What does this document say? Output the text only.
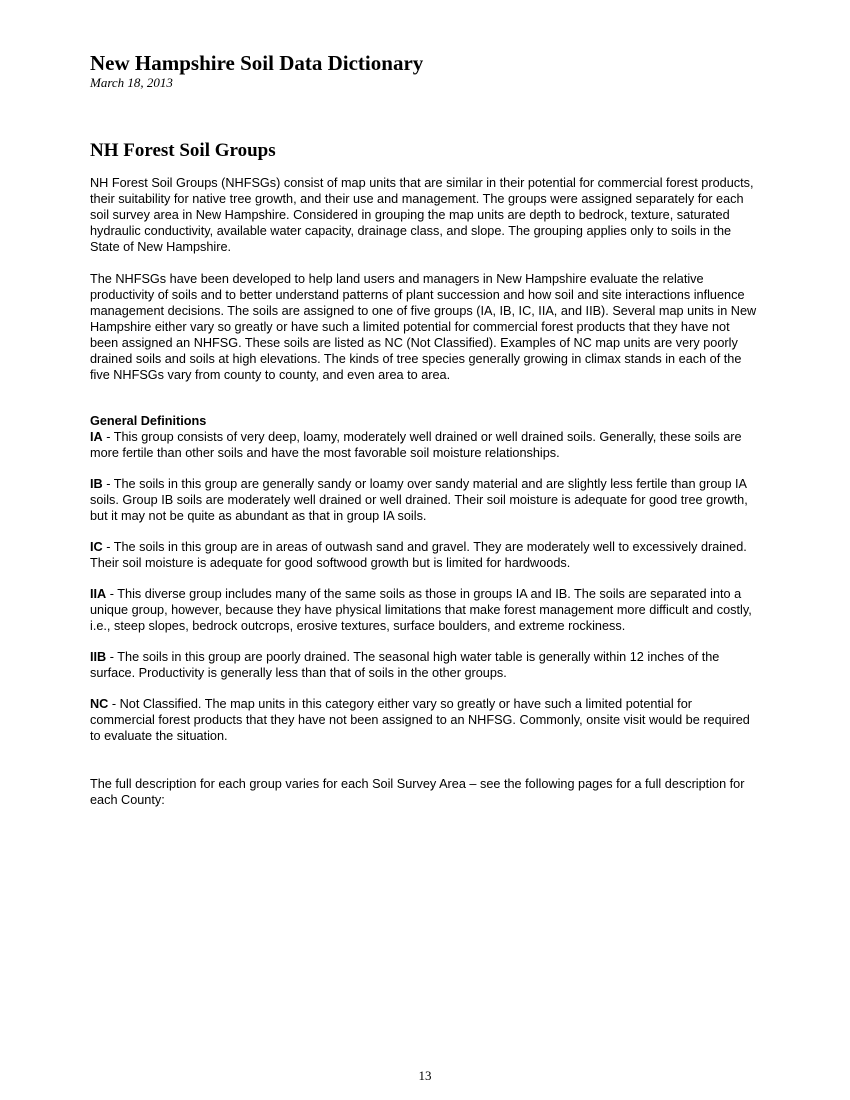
New Hampshire Soil Data Dictionary

March 18, 2013

NH Forest Soil Groups

NH Forest Soil Groups (NHFSGs) consist of map units that are similar in their potential for commercial forest products, their suitability for native tree growth, and their use and management. The groups were assigned separately for each soil survey area in New Hampshire. Considered in grouping the map units are depth to bedrock, texture, saturated hydraulic conductivity, available water capacity, drainage class, and slope. The grouping applies only to soils in the State of New Hampshire.

The NHFSGs have been developed to help land users and managers in New Hampshire evaluate the relative productivity of soils and to better understand patterns of plant succession and how soil and site interactions influence management decisions. The soils are assigned to one of five groups (IA, IB, IC, IIA, and IIB). Several map units in New Hampshire either vary so greatly or have such a limited potential for commercial forest products that they have not been assigned an NHFSG. These soils are listed as NC (Not Classified). Examples of NC map units are very poorly drained soils and soils at high elevations. The kinds of tree species generally growing in climax stands in each of the five NHFSGs vary from county to county, and even area to area.

General Definitions

IA - This group consists of very deep, loamy, moderately well drained or well drained soils. Generally, these soils are more fertile than other soils and have the most favorable soil moisture relationships.

IB - The soils in this group are generally sandy or loamy over sandy material and are slightly less fertile than group IA soils. Group IB soils are moderately well drained or well drained. Their soil moisture is adequate for good tree growth, but it may not be quite as abundant as that in group IA soils.

IC - The soils in this group are in areas of outwash sand and gravel. They are moderately well to excessively drained. Their soil moisture is adequate for good softwood growth but is limited for hardwoods.

IIA - This diverse group includes many of the same soils as those in groups IA and IB. The soils are separated into a unique group, however, because they have physical limitations that make forest management more difficult and costly, i.e., steep slopes, bedrock outcrops, erosive textures, surface boulders, and extreme rockiness.

IIB - The soils in this group are poorly drained. The seasonal high water table is generally within 12 inches of the surface. Productivity is generally less than that of soils in the other groups.

NC - Not Classified. The map units in this category either vary so greatly or have such a limited potential for commercial forest products that they have not been assigned to an NHFSG. Commonly, onsite visit would be required to evaluate the situation.

The full description for each group varies for each Soil Survey Area – see the following pages for a full description for each County:

13
